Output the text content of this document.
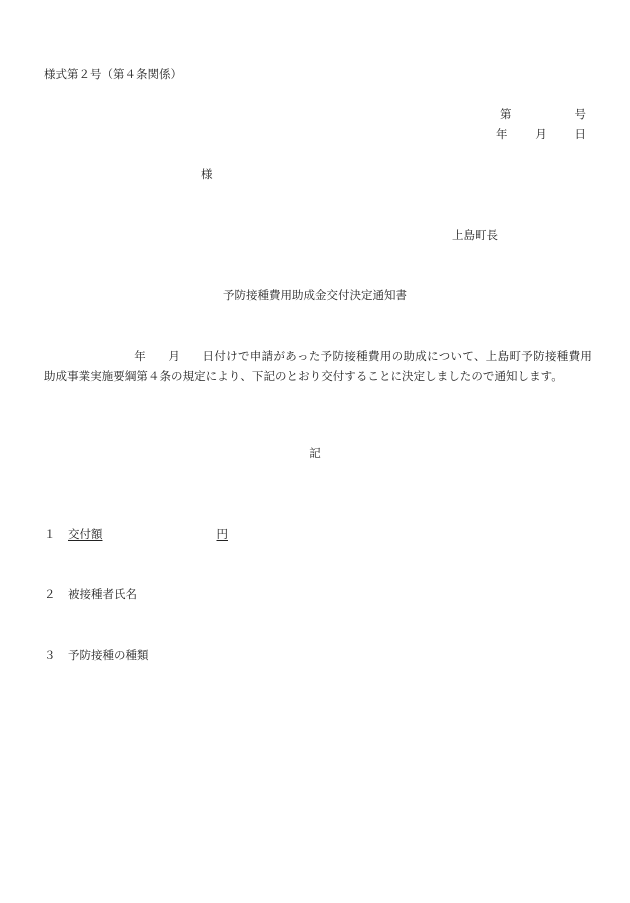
様式第２号（第４条関係）
第	号
年 月 日
様
上島町長
予防接種費用助成金交付決定通知書
年 月 日付けで申請があった予防接種費用の助成について、上島町予防接種費用助成事業実施要綱第４条の規定により、下記のとおり交付することに決定しましたので通知します。
記
１ 交付額	円
２ 被接種者氏名
３ 予防接種の種類
